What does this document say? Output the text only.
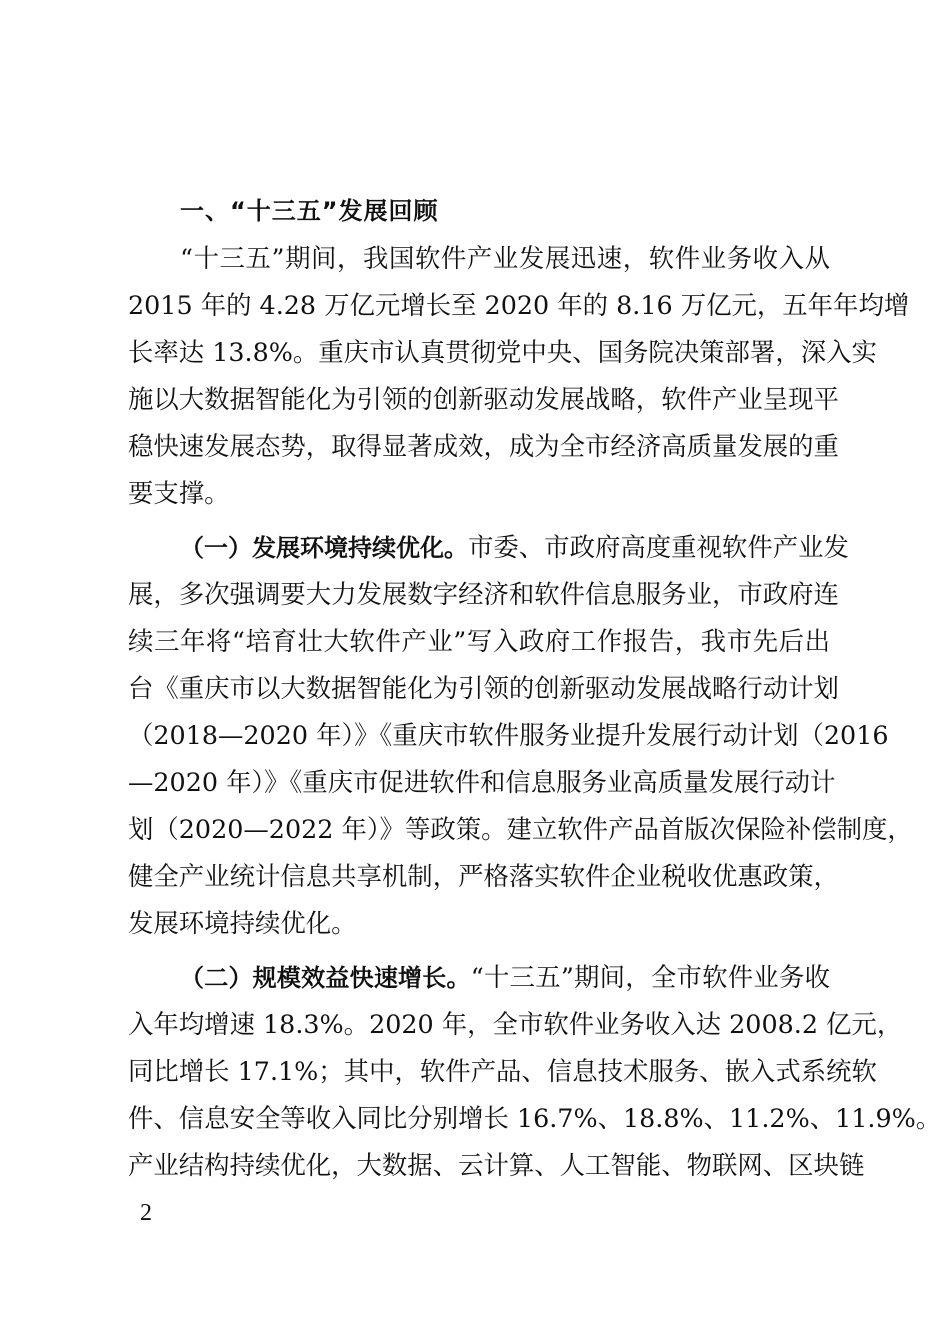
一、“十三五”发展回顾
“十三五”期间，我国软件产业发展迅速，软件业务收入从
2015 年的 4.28 万亿元增长至 2020 年的 8.16 万亿元，五年年均增
长率达 13.8%。重庆市认真贯彻党中央、国务院决策部署，深入实
施以大数据智能化为引领的创新驱动发展战略，软件产业呈现平
稳快速发展态势，取得显著成效，成为全市经济高质量发展的重
要支撑。
（一）发展环境持续优化。市委、市政府高度重视软件产业发
展，多次强调要大力发展数字经济和软件信息服务业，市政府连
续三年将“培育壮大软件产业”写入政府工作报告，我市先后出
台《重庆市以大数据智能化为引领的创新驱动发展战略行动计划
（2018—2020 年）》《重庆市软件服务业提升发展行动计划（2016
—2020 年）》《重庆市促进软件和信息服务业高质量发展行动计
划（2020—2022 年）》等政策。建立软件产品首版次保险补偿制度，
健全产业统计信息共享机制，严格落实软件企业税收优惠政策，
发展环境持续优化。
（二）规模效益快速增长。“十三五”期间，全市软件业务收
入年均增速 18.3%。2020 年，全市软件业务收入达 2008.2 亿元，
同比增长 17.1%；其中，软件产品、信息技术服务、嵌入式系统软
件、信息安全等收入同比分别增长 16.7%、18.8%、11.2%、11.9%。
产业结构持续优化，大数据、云计算、人工智能、物联网、区块链
2
